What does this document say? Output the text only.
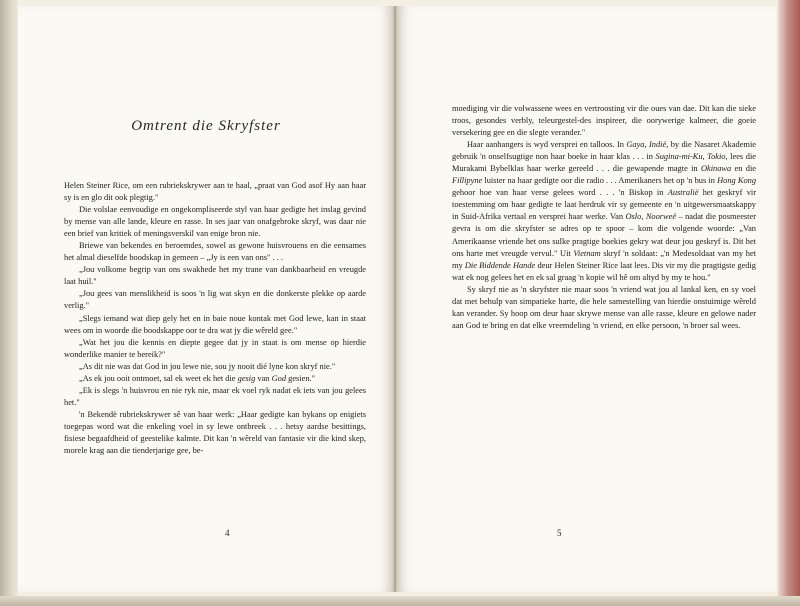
Omtrent die Skryfster

Helen Steiner Rice, om een rubriekskrywer aan te haal, „praat van God asof Hy aan haar sy is en glo dit ook plegtig."

Die volslae eenvoudige en ongekompliseerde styl van haar gedigte het inslag gevind by mense van alle lande, kleure en rasse. In ses jaar van onafgebroke skryf, was daar nie een brief van kritiek of meningsverskil van enige bron nie.

Briewe van bekendes en beroemdes, sowel as gewone huisvrouens en die eensames het almal dieselfde boodskap in gemeen – „Jy is een van ons" . . .

„Jou volkome begrip van ons swakhede het my trane van dankbaarheid en vreugde laat huil."

„Jou gees van menslikheid is soos 'n lig wat skyn en die donkerste plekke op aarde verlig."

„Slegs iemand wat diep gely het en in baie noue kontak met God lewe, kan in staat wees om in woorde die boodskappe oor te dra wat jy die wêreld gee."

„Wat het jou die kennis en diepte gegee dat jy in staat is om mense op hierdie wonderlike manier te bereik?"

„As dit nie was dat God in jou lewe nie, sou jy nooit dié lyne kon skryf nie."

„As ek jou ooit ontmoet, sal ek weet ek het die gesig van God gesien."

„Ek is slegs 'n huisvrou en nie ryk nie, maar ek voel ryk nadat ek iets van jou gelees het."

'n Bekendë rubriekskrywer sê van haar werk: „Haar gedigte kan bykans op enigiets toegepas word wat die enkeling voel in sy lewe ontbreek . . . hetsy aardse besittings, fisiese begaafdheid of geestelike kalmte. Dit kan 'n wêreld van fantasie vir die kind skep, morele krag aan die tienderjarige gee, be-

moediging vir die volwassene wees en vertroosting vir die oues van dae. Dit kan die sieke troos, gesondes verbly, teleurgestel-des inspireer, die oorywerige kalmeer, die goeie versekering gee en die slegte verander."

Haar aanhangers is wyd versprei en talloos. In Gaya, Indië, by die Nasaret Akademie gebruik 'n onselfsugtige non haar boeke in haar klas . . . in Sugina-mi-Ku, Tokio, lees die Murakami Bybelklas haar werke gereeld . . . die gewapende magte in Okinawa en die Fillipyne luister na haar gedigte oor die radio . . . Amerikaners het op 'n bus in Hong Kong gehoor hoe van haar verse gelees word . . . 'n Biskop in Australië het geskryf vir toestemming om haar gedigte te laat herdruk vir sy gemeente en 'n uitgewersmaatskappy in Suid-Afrika vertaal en versprei haar werke. Van Oslo, Noorweë – nadat die posmeester gevra is om die skryfster se adres op te spoor – kom die volgende woorde: „Van Amerikaanse vriende het ons sulke pragtige boekies gekry wat deur jou geskryf is. Dit het ons harte met vreugde vervul." Uit Vietnam skryf 'n soldaat: „'n Medesoldaat van my het my Die Biddende Hande deur Helen Steiner Rice laat lees. Dis vir my die pragtigste gedig wat ek nog gelees het en ek sal graag 'n kopie wil hê om altyd by my te hou."

Sy skryf nie as 'n skryfster nie maar soos 'n vriend wat jou al lankal ken, en sy voel dat met behulp van simpatieke harte, die hele samestelling van hierdie onstuimige wêreld kan verander. Sy hoop om deur haar skrywe mense van alle rasse, kleure en gelowe nader aan God te bring en dat elke vreemdeling 'n vriend, en elke persoon, 'n broer sal wees.

4	5
